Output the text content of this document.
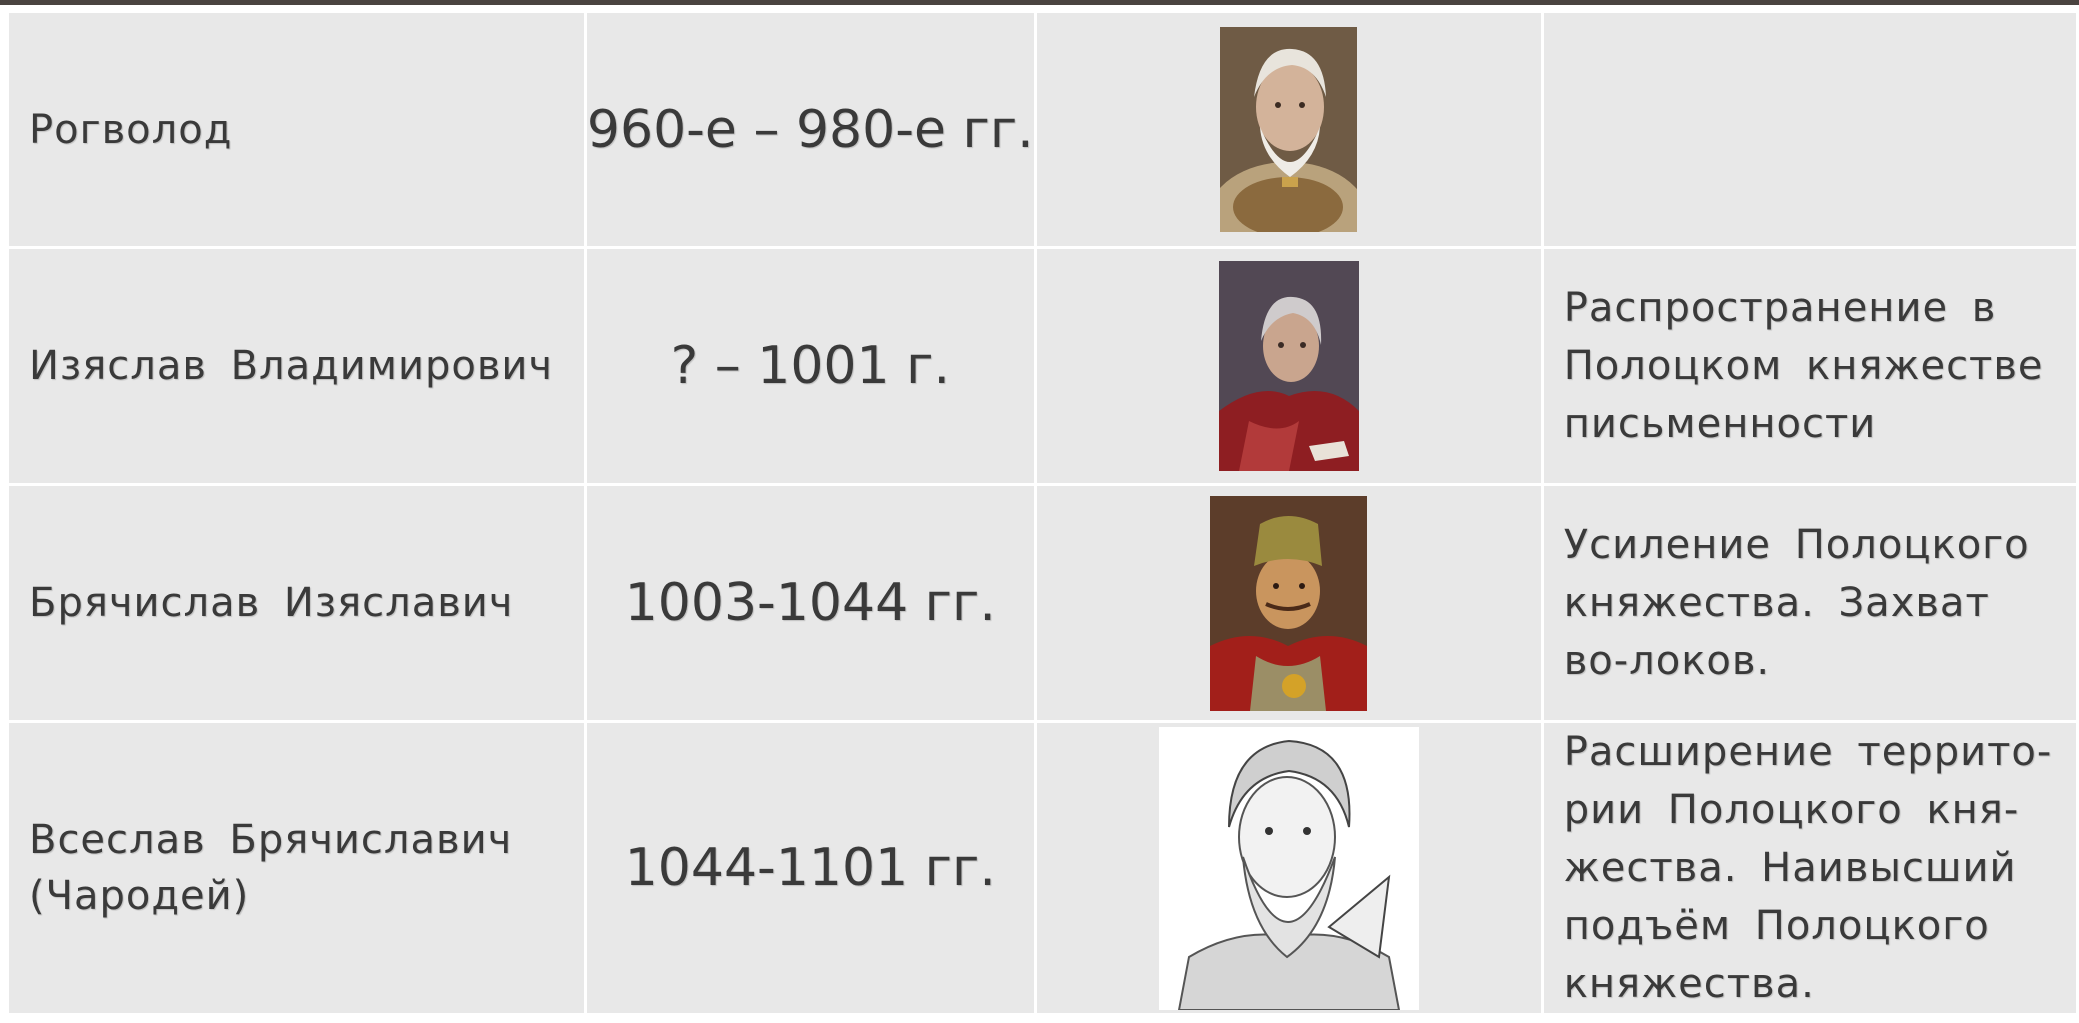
Рогволод	960-е – 980-е гг.	

Изяслав Владимирович	? – 1001 г.		Распространение в Полоцком княжестве письменности
Брячислав Изяславич	1003-1044 гг.		Усиление Полоцкого княжества. Захват во-локов.
Всеслав Брячиславич (Чародей)	1044-1101 гг.		Расширение террито-рии Полоцкого кня-жества. Наивысший подъём Полоцкого княжества.
